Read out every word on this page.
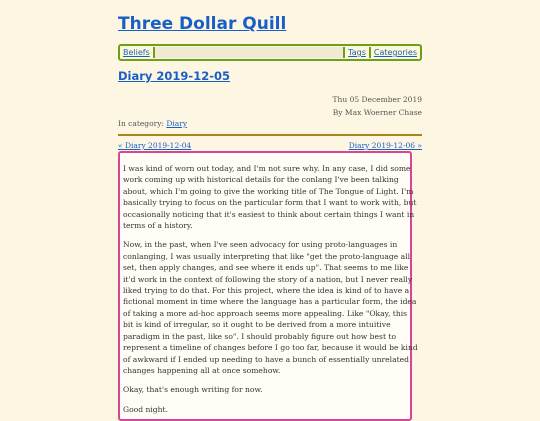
Three Dollar Quill
Beliefs	Tags	Categories
Diary 2019-12-05
Thu 05 December 2019
By Max Woerner Chase
In category: Diary
« Diary 2019-12-04	Diary 2019-12-06 »

I was kind of worn out today, and I'm not sure why. In any case, I did some work coming up with historical details for the conlang I've been talking about, which I'm going to give the working title of The Tongue of Light. I'm basically trying to focus on the particular form that I want to work with, but occasionally noticing that it's easiest to think about certain things I want in terms of a history.

Now, in the past, when I've seen advocacy for using proto-languages in conlanging, I was usually interpreting that like "get the proto-language all set, then apply changes, and see where it ends up". That seems to me like it'd work in the context of following the story of a nation, but I never really liked trying to do that. For this project, where the idea is kind of to have a fictional moment in time where the language has a particular form, the idea of taking a more ad-hoc approach seems more appealing. Like "Okay, this bit is kind of irregular, so it ought to be derived from a more intuitive paradigm in the past, like so". I should probably figure out how best to represent a timeline of changes before I go too far, because it would be kind of awkward if I ended up needing to have a bunch of essentially unrelated changes happening all at once somehow.

Okay, that's enough writing for now.

Good night.
